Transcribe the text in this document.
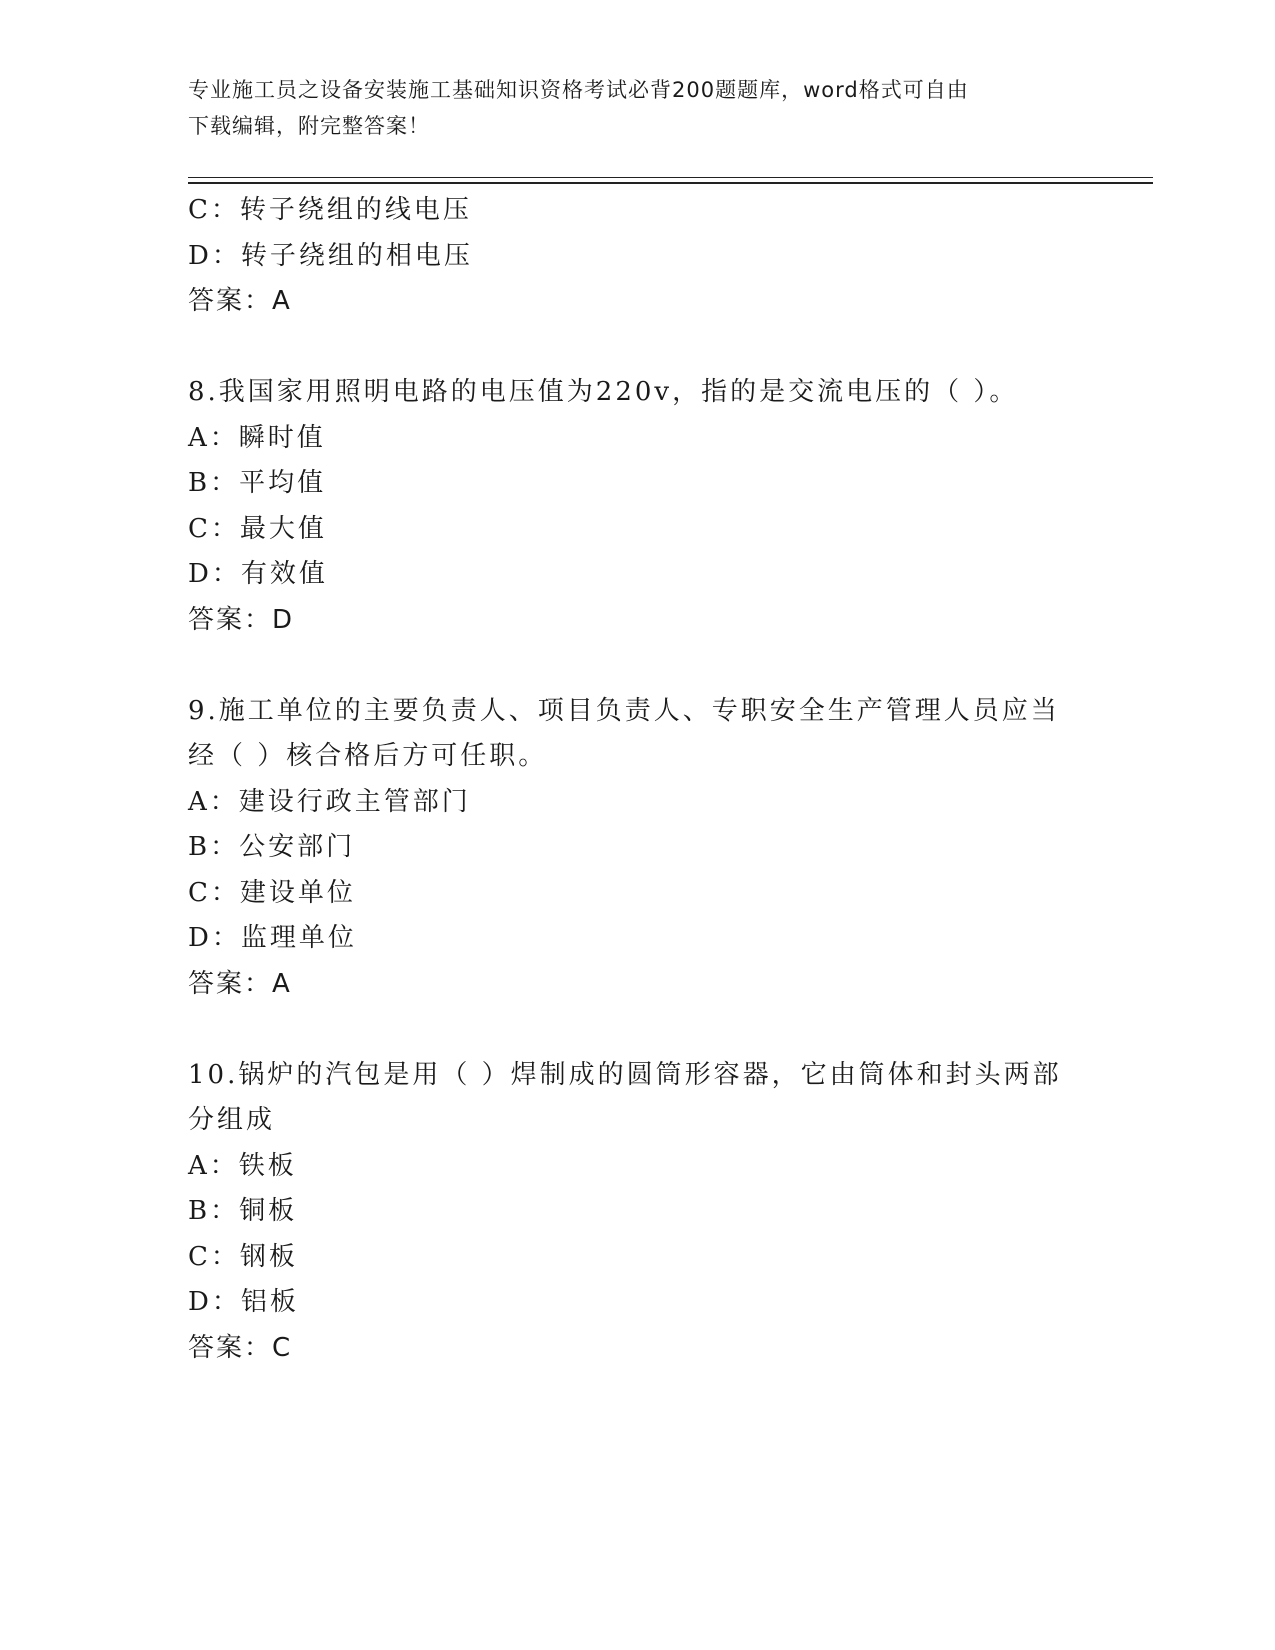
专业施工员之设备安装施工基础知识资格考试必背200题题库，word格式可自由
下载编辑，附完整答案！
C：转子绕组的线电压
D：转子绕组的相电压
答案：A
8.我国家用照明电路的电压值为220v，指的是交流电压的（ ）。
A：瞬时值
B：平均值
C：最大值
D：有效值
答案：D
9.施工单位的主要负责人、项目负责人、专职安全生产管理人员应当
经（ ）核合格后方可任职。
A：建设行政主管部门
B：公安部门
C：建设单位
D：监理单位
答案：A
10.锅炉的汽包是用（ ）焊制成的圆筒形容器，它由筒体和封头两部
分组成
A：铁板
B：铜板
C：钢板
D：铝板
答案：C
